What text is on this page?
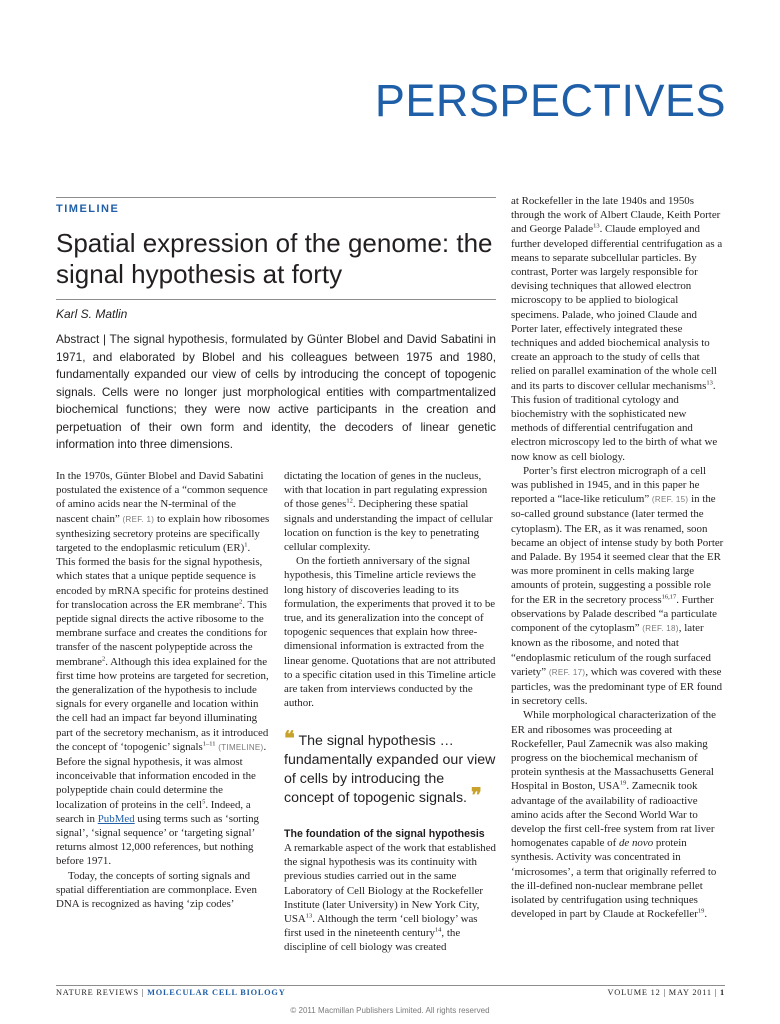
PERSPECTIVES
TIMELINE
Spatial expression of the genome: the signal hypothesis at forty
Karl S. Matlin

Abstract | The signal hypothesis, formulated by Günter Blobel and David Sabatini in 1971, and elaborated by Blobel and his colleagues between 1975 and 1980, fundamentally expanded our view of cells by introducing the concept of topogenic signals. Cells were no longer just morphological entities with compartmentalized biochemical functions; they were now active participants in the creation and perpetuation of their own form and identity, the decoders of linear genetic information into three dimensions.

In the 1970s, Günter Blobel and David Sabatini postulated the existence of a “common sequence of amino acids near the N-terminal of the nascent chain” (REF. 1) to explain how ribosomes synthesizing secretory proteins are specifically targeted to the endoplasmic reticulum (ER)$^1$. This formed the basis for the signal hypothesis, which states that a unique peptide sequence is encoded by mRNA specific for proteins destined for translocation across the ER membrane$^2$. This peptide signal directs the active ribosome to the membrane surface and creates the conditions for transfer of the nascent polypeptide across the membrane$^2$. Although this idea explained for the first time how proteins are targeted for secretion, the generalization of the hypothesis to include signals for every organelle and location within the cell had an impact far beyond illuminating part of the secretory mechanism, as it introduced the concept of ‘topogenic’ signals$^{1-11}$ (TIMELINE). Before the signal hypothesis, it was almost inconceivable that information encoded in the polypeptide chain could determine the localization of proteins in the cell$^5$. Indeed, a search in PubMed using terms such as ‘sorting signal’, ‘signal sequence’ or ‘targeting signal’ returns almost 12,000 references, but nothing before 1971.

Today, the concepts of sorting signals and spatial differentiation are commonplace. Even DNA is recognized as having ‘zip codes’

dictating the location of genes in the nucleus, with that location in part regulating expression of those genes$^{12}$. Deciphering these spatial signals and understanding the impact of cellular location on function is the key to penetrating cellular complexity.

On the fortieth anniversary of the signal hypothesis, this Timeline article reviews the long history of discoveries leading to its formulation, the experiments that proved it to be true, and its generalization into the concept of topogenic sequences that explain how three-dimensional information is extracted from the linear genome. Quotations that are not attributed to a specific citation used in this Timeline article are taken from interviews conducted by the author.

❝ The signal hypothesis … fundamentally expanded our view of cells by introducing the concept of topogenic signals. ❞

The foundation of the signal hypothesis

A remarkable aspect of the work that established the signal hypothesis was its continuity with previous studies carried out in the same Laboratory of Cell Biology at the Rockefeller Institute (later University) in New York City, USA$^{13}$. Although the term ‘cell biology’ was first used in the nineteenth century$^{14}$, the discipline of cell biology was created

at Rockefeller in the late 1940s and 1950s through the work of Albert Claude, Keith Porter and George Palade$^{13}$. Claude employed and further developed differential centrifugation as a means to separate subcellular particles. By contrast, Porter was largely responsible for devising techniques that allowed electron microscopy to be applied to biological specimens. Palade, who joined Claude and Porter later, effectively integrated these techniques and added biochemical analysis to create an approach to the study of cells that relied on parallel examination of the whole cell and its parts to discover cellular mechanisms$^{13}$. This fusion of traditional cytology and biochemistry with the sophisticated new methods of differential centrifugation and electron microscopy led to the birth of what we now know as cell biology.

Porter’s first electron micrograph of a cell was published in 1945, and in this paper he reported a “lace-like reticulum” (REF. 15) in the so-called ground substance (later termed the cytoplasm). The ER, as it was renamed, soon became an object of intense study by both Porter and Palade. By 1954 it seemed clear that the ER was more prominent in cells making large amounts of protein, suggesting a possible role for the ER in the secretory process$^{16,17}$. Further observations by Palade described “a particulate component of the cytoplasm” (REF. 18), later known as the ribosome, and noted that “endoplasmic reticulum of the rough surfaced variety” (REF. 17), which was covered with these particles, was the predominant type of ER found in secretory cells.

While morphological characterization of the ER and ribosomes was proceeding at Rockefeller, Paul Zamecnik was also making progress on the biochemical mechanism of protein synthesis at the Massachusetts General Hospital in Boston, USA$^{19}$. Zamecnik took advantage of the availability of radioactive amino acids after the Second World War to develop the first cell-free system from rat liver homogenates capable of de novo protein synthesis. Activity was concentrated in ‘microsomes’, a term that originally referred to the ill-defined non-nuclear membrane pellet isolated by centrifugation using techniques developed in part by Claude at Rockefeller$^{19}$.

NATURE REVIEWS | MOLECULAR CELL BIOLOGY	VOLUME 12 | MAY 2011 | 1
© 2011 Macmillan Publishers Limited. All rights reserved
